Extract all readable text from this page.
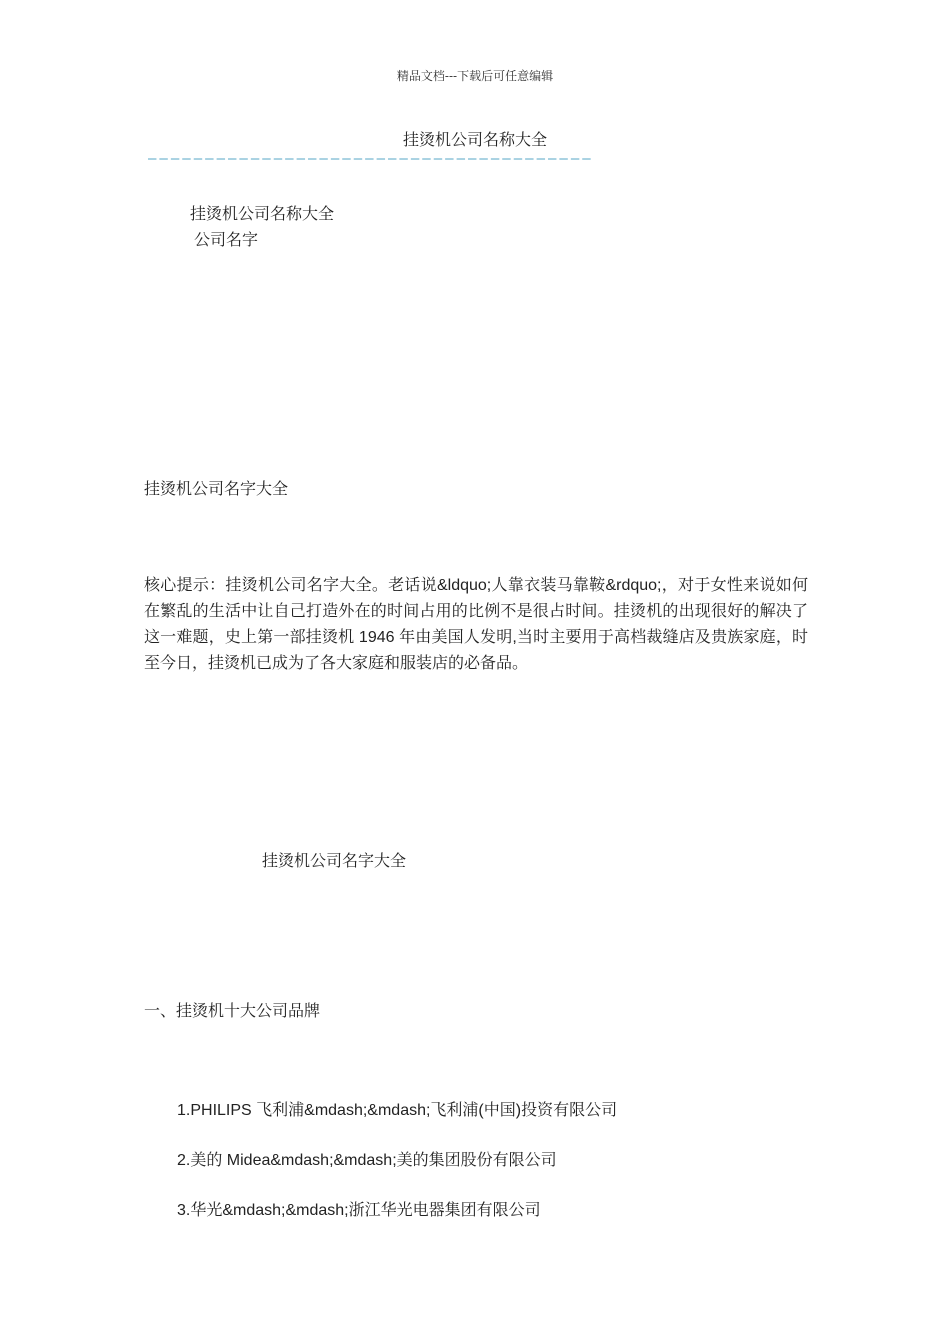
精品文档---下载后可任意编辑
挂烫机公司名称大全
———————————————————————————————————————
挂烫机公司名称大全
公司名字
挂烫机公司名字大全
核心提示：挂烫机公司名字大全。老话说&ldquo;人靠衣装马靠鞍&rdquo;，对于女性来说如何在繁乱的生活中让自己打造外在的时间占用的比例不是很占时间。挂烫机的出现很好的解决了这一难题，史上第一部挂烫机 1946 年由美国人发明,当时主要用于高档裁缝店及贵族家庭，时至今日，挂烫机已成为了各大家庭和服装店的必备品。
挂烫机公司名字大全
一、挂烫机十大公司品牌
1.PHILIPS 飞利浦&mdash;&mdash;飞利浦(中国)投资有限公司
2.美的 Midea&mdash;&mdash;美的集团股份有限公司
3.华光&mdash;&mdash;浙江华光电器集团有限公司
